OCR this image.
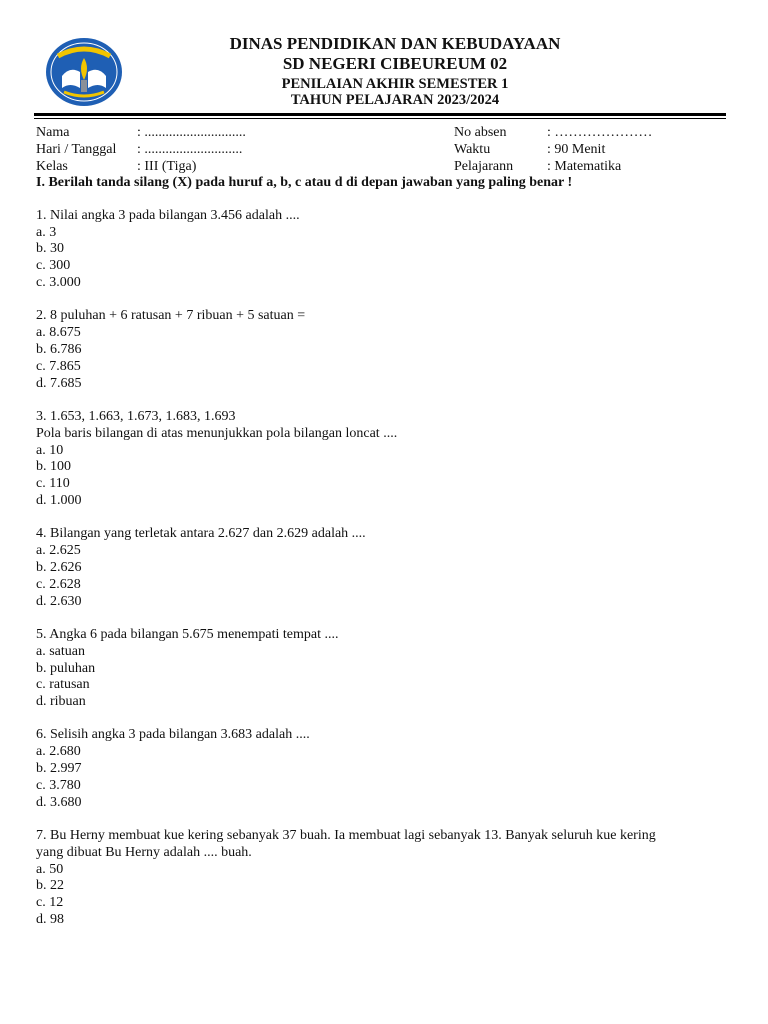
DINAS PENDIDIKAN DAN KEBUDAYAAN
SD NEGERI CIBEUREUM 02
PENILAIAN AKHIR SEMESTER 1
TAHUN PELAJARAN 2023/2024
Nama	: .............................
Hari / Tanggal	: ............................
Kelas	: III (Tiga)
No absen	: …………………
Waktu	: 90 Menit
Pelajarann	: Matematika
I. Berilah tanda silang (X) pada huruf a, b, c atau d di depan jawaban yang paling benar !
1. Nilai angka 3 pada bilangan 3.456 adalah ....
a. 3
b. 30
c. 300
c. 3.000
2. 8 puluhan + 6 ratusan + 7 ribuan + 5 satuan =
a. 8.675
b. 6.786
c. 7.865
d. 7.685
3. 1.653, 1.663, 1.673, 1.683, 1.693
Pola baris bilangan di atas menunjukkan pola bilangan loncat ....
a. 10
b. 100
c. 110
d. 1.000
4. Bilangan yang terletak antara 2.627 dan 2.629 adalah ....
a. 2.625
b. 2.626
c. 2.628
d. 2.630
5. Angka 6 pada bilangan 5.675 menempati tempat ....
a. satuan
b. puluhan
c. ratusan
d. ribuan
6. Selisih angka 3 pada bilangan 3.683 adalah ....
a. 2.680
b. 2.997
c. 3.780
d. 3.680
7. Bu Herny membuat kue kering sebanyak 37 buah. Ia membuat lagi sebanyak 13. Banyak seluruh kue kering
yang dibuat Bu Herny adalah .... buah.
a. 50
b. 22
c. 12
d. 98
